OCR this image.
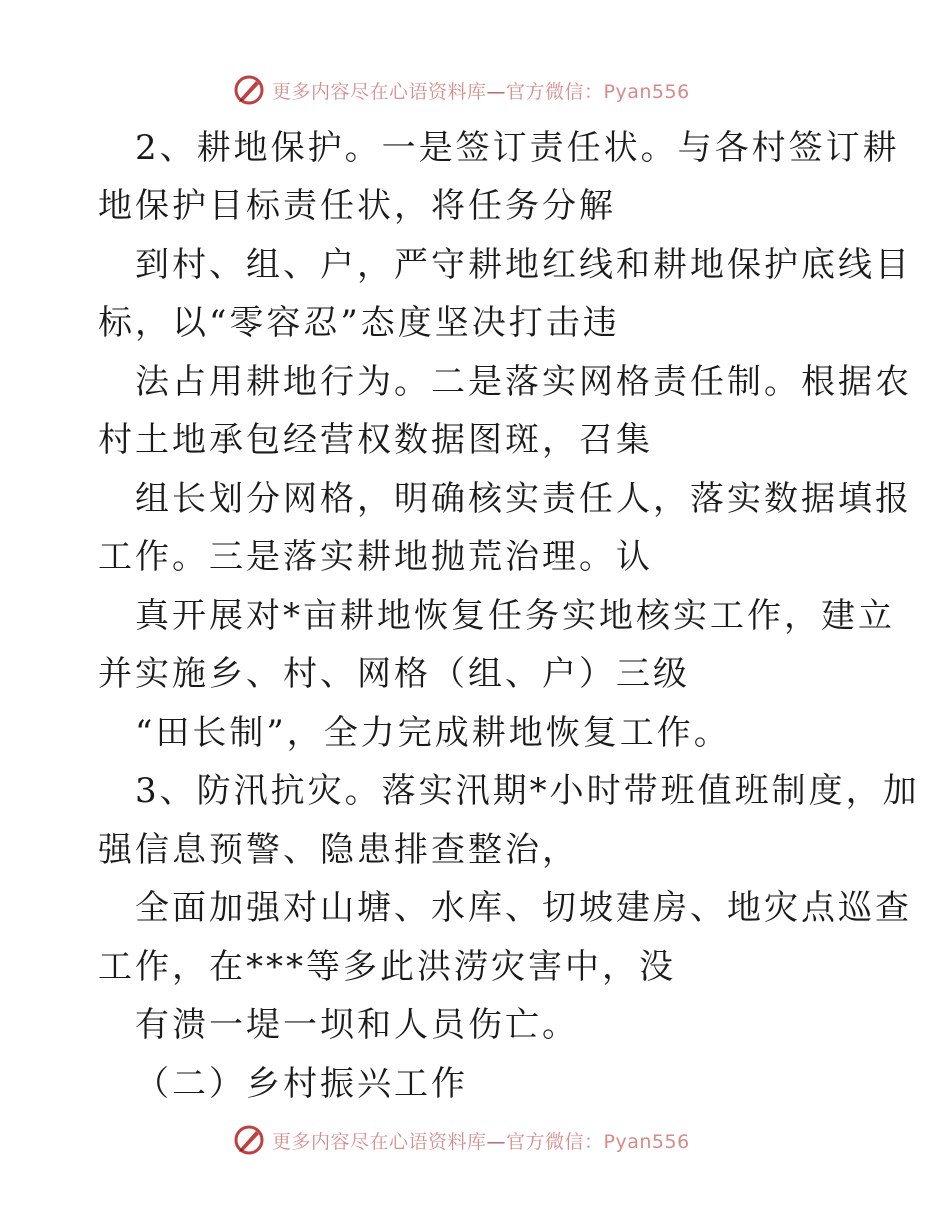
更多内容尽在心语资料库—官方微信：Pyan556
2、耕地保护。一是签订责任状。与各村签订耕
地保护目标责任状，将任务分解
到村、组、户，严守耕地红线和耕地保护底线目
标，以“零容忍”态度坚决打击违
法占用耕地行为。二是落实网格责任制。根据农
村土地承包经营权数据图斑，召集
组长划分网格，明确核实责任人，落实数据填报
工作。三是落实耕地抛荒治理。认
真开展对*亩耕地恢复任务实地核实工作，建立
并实施乡、村、网格（组、户）三级
“田长制”，全力完成耕地恢复工作。
3、防汛抗灾。落实汛期*小时带班值班制度，加
强信息预警、隐患排查整治，
全面加强对山塘、水库、切坡建房、地灾点巡查
工作，在***等多此洪涝灾害中，没
有溃一堤一坝和人员伤亡。
（二）乡村振兴工作
更多内容尽在心语资料库—官方微信：Pyan556
